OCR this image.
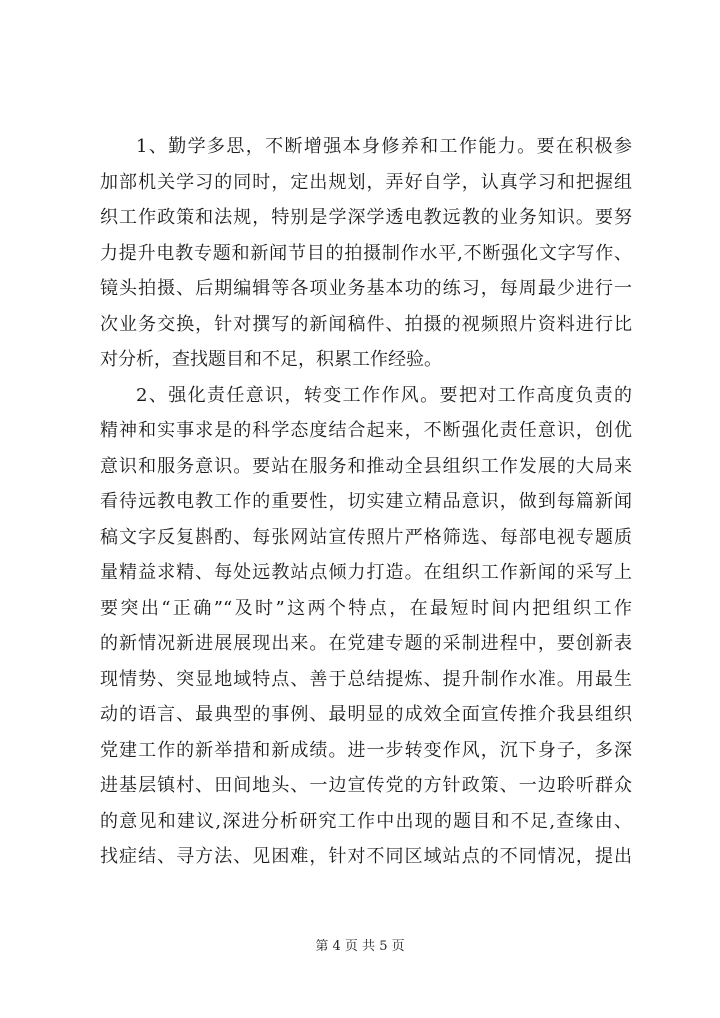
1、勤学多思，不断增强本身修养和工作能力。要在积极参
加部机关学习的同时，定出规划，弄好自学，认真学习和把握组
织工作政策和法规，特别是学深学透电教远教的业务知识。要努
力提升电教专题和新闻节目的拍摄制作水平,不断强化文字写作、
镜头拍摄、后期编辑等各项业务基本功的练习，每周最少进行一
次业务交换，针对撰写的新闻稿件、拍摄的视频照片资料进行比
对分析，查找题目和不足，积累工作经验。
2、强化责任意识，转变工作作风。要把对工作高度负责的
精神和实事求是的科学态度结合起来，不断强化责任意识，创优
意识和服务意识。要站在服务和推动全县组织工作发展的大局来
看待远教电教工作的重要性，切实建立精品意识，做到每篇新闻
稿文字反复斟酌、每张网站宣传照片严格筛选、每部电视专题质
量精益求精、每处远教站点倾力打造。在组织工作新闻的采写上
要突出“正确”“及时”这两个特点，在最短时间内把组织工作
的新情况新进展展现出来。在党建专题的采制进程中，要创新表
现情势、突显地域特点、善于总结提炼、提升制作水准。用最生
动的语言、最典型的事例、最明显的成效全面宣传推介我县组织
党建工作的新举措和新成绩。进一步转变作风，沉下身子，多深
进基层镇村、田间地头、一边宣传党的方针政策、一边聆听群众
的意见和建议,深进分析研究工作中出现的题目和不足,查缘由、
找症结、寻方法、见困难，针对不同区域站点的不同情况，提出
第 4 页 共 5 页
